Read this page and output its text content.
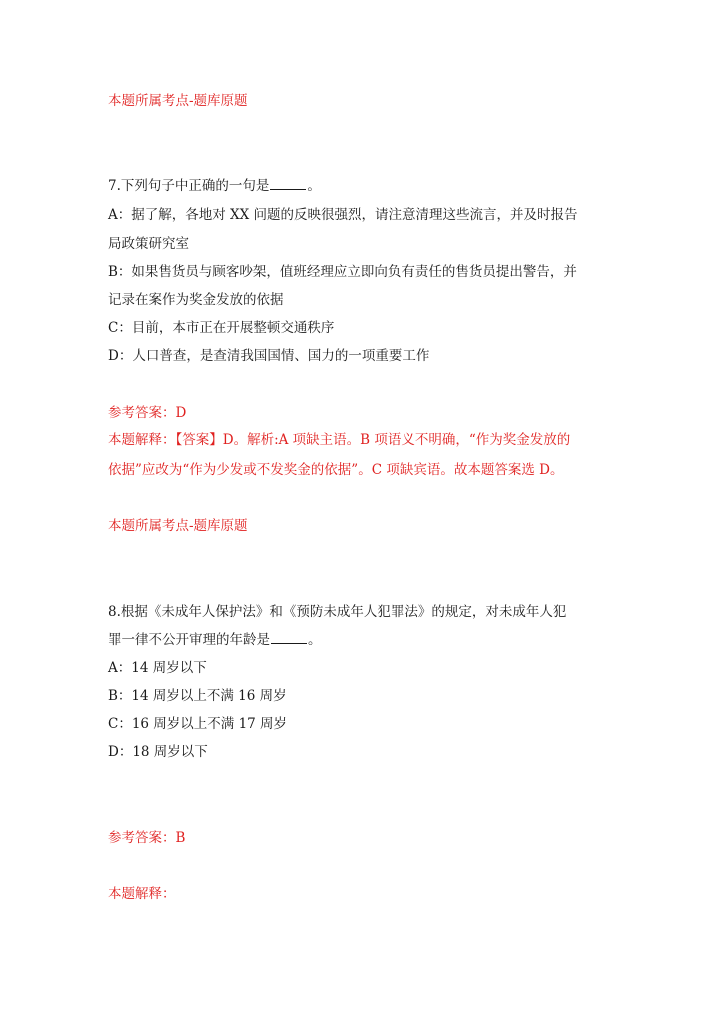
本题所属考点-题库原题
7.下列句子中正确的一句是	。
A：据了解，各地对 XX 问题的反映很强烈，请注意清理这些流言，并及时报告
局政策研究室
B：如果售货员与顾客吵架，值班经理应立即向负有责任的售货员提出警告，并
记录在案作为奖金发放的依据
C：目前，本市正在开展整顿交通秩序
D：人口普查，是查清我国国情、国力的一项重要工作
参考答案：D
本题解释：【答案】D。解析:A 项缺主语。B 项语义不明确，“作为奖金发放的
依据”应改为“作为少发或不发奖金的依据”。C 项缺宾语。故本题答案选 D。
本题所属考点-题库原题
8.根据《未成年人保护法》和《预防未成年人犯罪法》的规定，对未成年人犯
罪一律不公开审理的年龄是	。
A：14 周岁以下
B：14 周岁以上不满 16 周岁
C：16 周岁以上不满 17 周岁
D：18 周岁以下
参考答案：B
本题解释：
